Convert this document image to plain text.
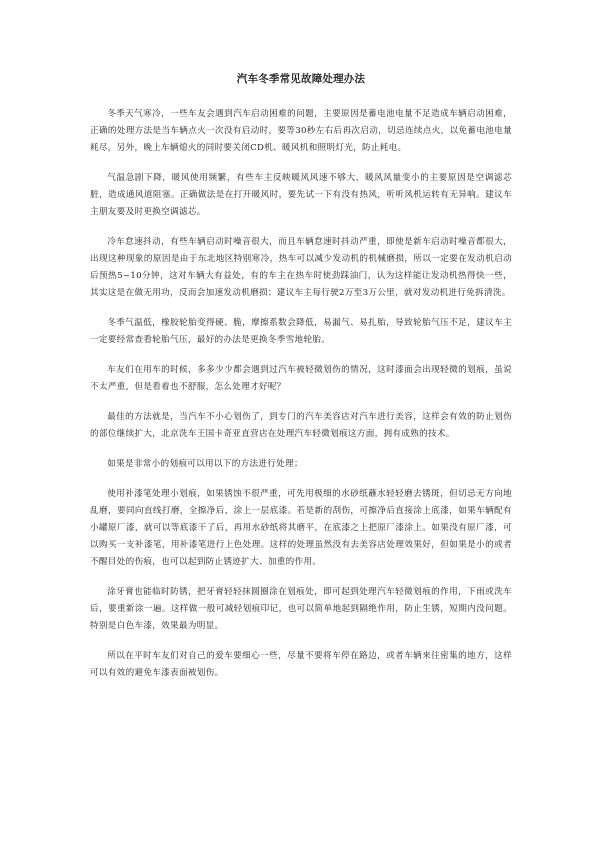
汽车冬季常见故障处理办法

冬季天气寒冷，一些车友会遇到汽车启动困难的问题，主要原因是蓄电池电量不足造成车辆启动困难，正确的处理方法是当车辆点火一次没有启动时，要等30秒左右后再次启动，切忌连续点火，以免蓄电池电量耗尽，另外，晚上车辆熄火的同时要关闭CD机、暖风机和照明灯光，防止耗电。

气温急剧下降，暖风使用频繁，有些车主反映暖风风速不够大，暖风风量变小的主要原因是空调滤芯脏，造成通风道阻塞。正确做法是在打开暖风时，要先试一下有没有热风，听听风机运转有无异响。建议车主朋友要及时更换空调滤芯。

冷车怠速抖动，有些车辆启动时噪音很大，而且车辆怠速时抖动严重，即使是新车启动时噪音都很大，出现这种现象的原因是由于东北地区特别寒冷，热车可以减少发动机的机械磨损，所以一定要在发动机启动后预热5~10分钟，这对车辆大有益处，有的车主在热车时使劲踩油门，认为这样能让发动机热得快一些，其实这是在做无用功，反而会加速发动机磨损；建议车主每行驶2万至3万公里，就对发动机进行免拆清洗。

冬季气温低，橡胶轮胎变得硬、脆，摩擦系数会降低，易漏气、易扎胎，导致轮胎气压不足，建议车主一定要经常查看轮胎气压，最好的办法是更换冬季雪地轮胎。

车友们在用车的时候，多多少少都会遇到过汽车被轻微划伤的情况，这时漆面会出现轻微的划痕，虽说不太严重，但是看着也不舒服，怎么处理才好呢？

最佳的方法就是，当汽车不小心划伤了，到专门的汽车美容店对汽车进行美容，这样会有效的防止划伤的部位继续扩大，北京洗车王国卡奇亚直营店在处理汽车轻微划痕这方面，拥有成熟的技术。

如果是非常小的划痕可以用以下的方法进行处理；

使用补漆笔处理小划痕，如果锈蚀不很严重，可先用极细的水砂纸蘸水轻轻磨去锈斑，但切忌无方向地乱磨，要同向直线打磨，全擦净后，涂上一层底漆。若是新的刮伤，可擦净后直接涂上底漆，如果车辆配有小罐原厂漆，就可以等底漆干了后，再用水砂纸将其磨平，在底漆之上把原厂漆涂上。如果没有原厂漆，可以购买一支补漆笔，用补漆笔进行上色处理。这样的处理虽然没有去美容店处理效果好，但如果是小的或者不醒目处的伤痕，也可以起到防止锈迹扩大、加重的作用。

涂牙膏也能临时防锈，把牙膏轻轻抹圆圈涂在划痕处，即可起到处理汽车轻微划痕的作用，下雨或洗车后，要重新涂一遍。这样做一般可减轻划痕印记，也可以简单地起到隔绝作用，防止生锈，短期内没问题。特别是白色车漆，效果最为明显。

所以在平时车友们对自己的爱车要细心一些，尽量不要将车停在路边，或者车辆来往密集的地方，这样可以有效的避免车漆表面被划伤。
